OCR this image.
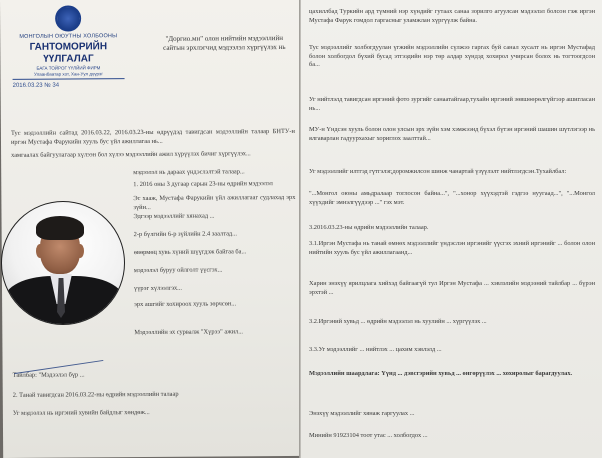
МОНГОЛЫН ОЮУТНЫ ХОЛБООНЫ
ГАНТОМОРИЙН ҮҮЛГАЛАГ
БАГА ТОЙРОГ ҮҮЛЙИЙ ФИРМ
Улаанбаатар хот, Хан-Уул дүүрэг
2016.03.23 № 34
"Доргио.мн" олон нийтийн мэдээллийн сайтын эрхлэгчид мэдээлэл хүргүүлэх нь
Тус мэдээллийн сайтад 2016.03.22, 2016.03.23-ны өдрүүдэд тавигдсан мэдээллийн талаар БНТУ-н иргэн Мустафа Фарукийн хууль бус үйл ажиллагаа нь...
хамгаалах байгуулагаар хүлээн бол хүлээ мэдээллийн ажил хүрүүлэх бичиг хүргүүлэх...
мэдээлэл нь дараах үндэслэлтэй талаар...
1. 2016 оны 3 дугаар сарын 23-ны өдрийн мэдээлэл
Эс хааж, Мустафа Фарукийн үйл ажиллагааг судлахад эрх зүйн...
Эдгээр мэдээллийг хянахад ...
2-р бүлгийн 6-р зүйлийн 2.4 заалтад...
өвөрмөц хувь хүний шүүгдэж байгаа ба...
мэдээлэл буруу ойлголт үүсгэх...
үүрэг хүлээлгэх...
эрх ашгийг хохироох хууль зөрчсөн...
Мэдээллийн эх сурвалж "Хүрээ" ажил...
Тайлбар: "Мэдээлэл бүр ...
2. Танай тавигдсан 2016.03.22-ны өдрийн мэдээллийн талаар
Уг мэдээлэл нь иргэний хувийн байдлыг хөндөж...
цахиллбад Туркийн ард түмний нэр хүндийг гутаах санаа зорилго агуулсан мэдээлэл болсон гэж иргэн Мустафа Фарук гомдол гаргасныг уламжлан хүргүүлж байна.
Тус мэдээллийг холбогдуулан үгжийн мэдээллийн сүлжээ гаргах буй санал хусалт нь иргэн Мустафад болон холбогдол бүхий бусад этгээдийн нэр төр алдар хүндэд хохирол учирсан болох нь тогтоогдсон ба...
Уг нийтлэлд тавигдсан иргэний фото зургийг санаатайгаар,тухайн иргэний зөвшөөрөлгүйгээр ашигласан нь...
МУ-н Үндсэн хууль болон олон улсын эрх зүйн хэм хэмжээнд бүхэл бүтэн иргэний шашин шүтлэгээр нь ялгаварлан гадуурхахыг хориглох заалттай...
Уг мэдээллийг илтгэд гүтгэлэг,доромжилсон шинж чанартай үзүүлэлт нийтлэгдсэн.Тухайлбал:
"...Монгол оюны амьдралаар тоглосон байна...", "...хонор хүүхэдтэй гэдгээ нуугаад...", "...Монгол хүүхдийг эмнэлгүүдээр ..." гэх мэт.
3.2016.03.23-ны өдрийн мэдээллийн талаар.
3.1.Иргэн Мустафа нь танай өмнөх мэдээллийг үндэслэн иргэнийг үүсгэх эхний иргэнийг ... болон олон нийтийн хууль бус үйл ажиллагаанд...
Харин энэхүү ярилцлага хийхэд байгаагүй тул Иргэн Мустафа ... хэвлэлийн мэдээний тайлбар ... бүрэн эрхтэй ...
3.2.Иргэний хувьд ... өдрийн мэдээлэл нь хуулийн ... хүргүүлэх ...
3.3.Уг мэдээллийг ... нийтлэх ... цахим хэвлэлд ...
Мэдээллийн шаардлага: Үүнд ... дэвсгэрийн хувьд ... өнгөрүүлэх ... хохиролыг барагдуулах.
Энэхүү мэдээллийг хянаж гаргуулах ...
Минийн 91923104 тоот утас ... холбогдох ...
